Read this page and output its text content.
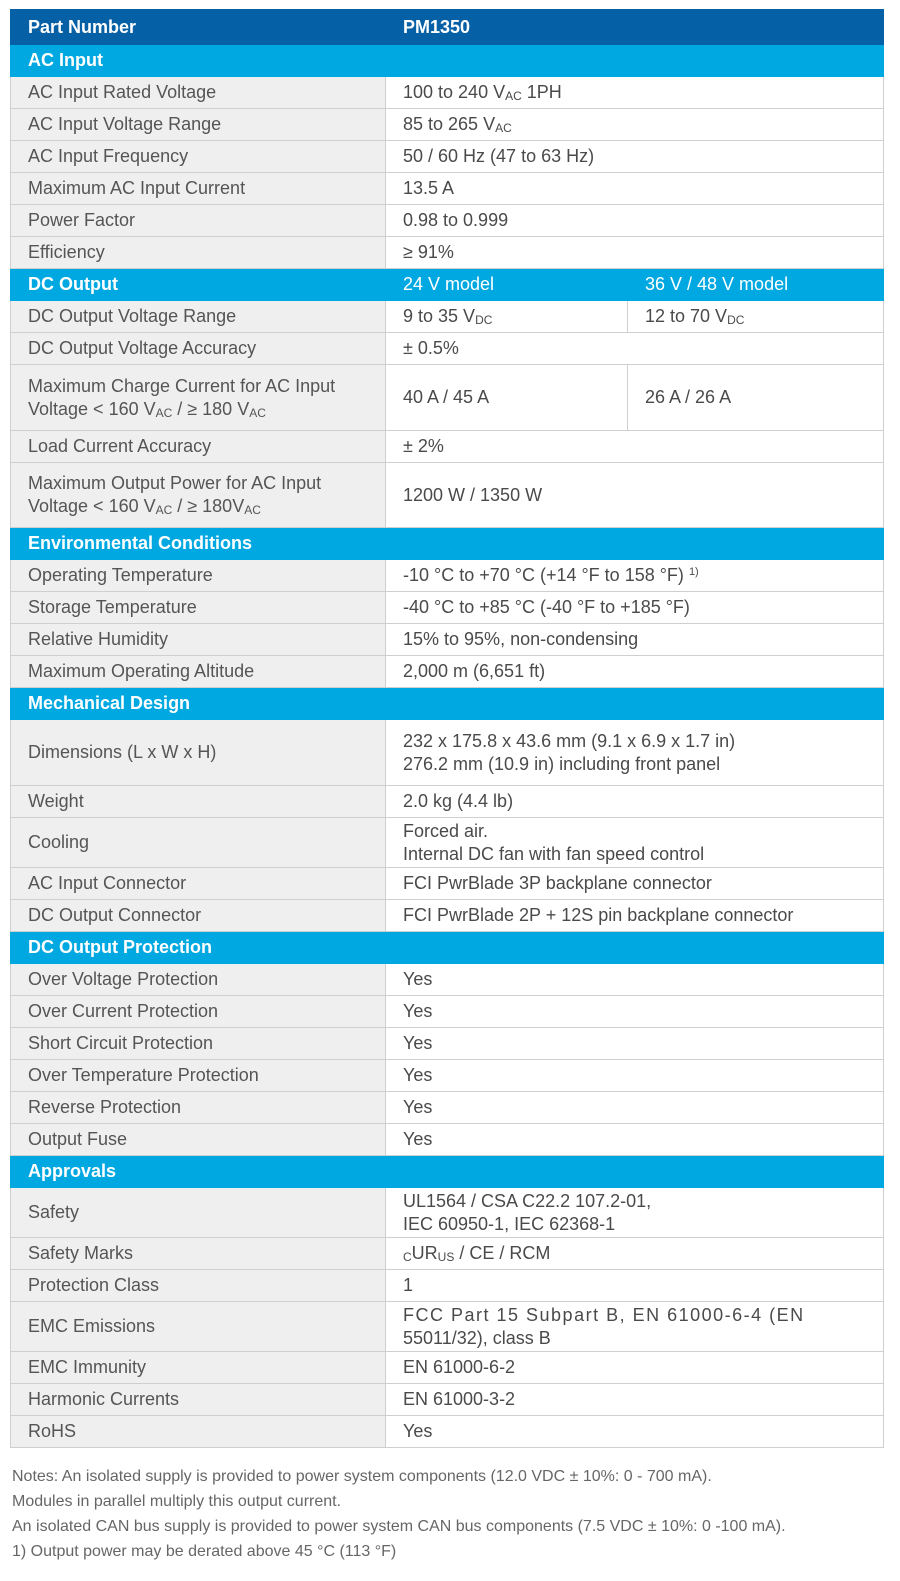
Part Number	PM1350	
AC Input		
AC Input Rated Voltage	100 to 240 $V_{AC}$ 1PH	
AC Input Voltage Range	85 to 265 $V_{AC}$
AC Input Frequency	50 / 60 Hz (47 to 63 Hz)	
Maximum AC Input Current	13.5 A	
Power Factor	0.98 to 0.999	
Efficiency	≥ 91%	
DC Output	24 V model	36 V / 48 V model
DC Output Voltage Range	9 to 35 $V_{DC}$	12 to 70 $V_{DC}$
DC Output Voltage Accuracy	± 0.5%	
Maximum Charge Current for AC Input
Voltage < 160 $V_{AC}$ / ≥ 180 $V_{AC}$	40 A / 45 A	26 A / 26 A
Load Current Accuracy	± 2%	
Maximum Output Power for AC Input
Voltage < 160 $V_{AC}$ / ≥ $180V_{AC}$	1200 W / 1350 W	
Environmental Conditions		
Operating Temperature	-10 °C to +70 °C (+14 °F to 158 °F) $^{1)}$
Storage Temperature	-40 °C to +85 °C (-40 °F to +185 °F)	
Relative Humidity	15% to 95%, non-condensing	
Maximum Operating Altitude	2,000 m (6,651 ft)	
Mechanical Design		
Dimensions (L x W x H)	232 x 175.8 x 43.6 mm (9.1 x 6.9 x 1.7 in)
276.2 mm (10.9 in) including front panel	
Weight	2.0 kg (4.4 lb)	
Cooling	Forced air.
Internal DC fan with fan speed control	
AC Input Connector	FCI PwrBlade 3P backplane connector	
DC Output Connector	FCI PwrBlade 2P + 12S pin backplane connector	
DC Output Protection		
Over Voltage Protection	Yes	
Over Current Protection	Yes	
Short Circuit Protection	Yes	
Over Temperature Protection	Yes	
Reverse Protection	Yes	
Output Fuse	Yes	
Approvals		
Safety	UL1564 / CSA C22.2 107.2-01,
IEC 60950-1, IEC 62368-1	
Safety Marks	$_CUR_{US}$ / CE / RCM	
Protection Class	1	
EMC Emissions	FCC Part 15 Subpart B, EN 61000-6-4 (EN
55011/32), class B	
EMC Immunity	EN 61000-6-2	
Harmonic Currents	EN 61000-3-2	
RoHS	Yes	
Notes: An isolated supply is provided to power system components (12.0 VDC ± 10%: 0 - 700 mA).
Modules in parallel multiply this output current.
An isolated CAN bus supply is provided to power system CAN bus components (7.5 VDC ± 10%: 0 -100 mA).
1) Output power may be derated above 45 °C (113 °F)
